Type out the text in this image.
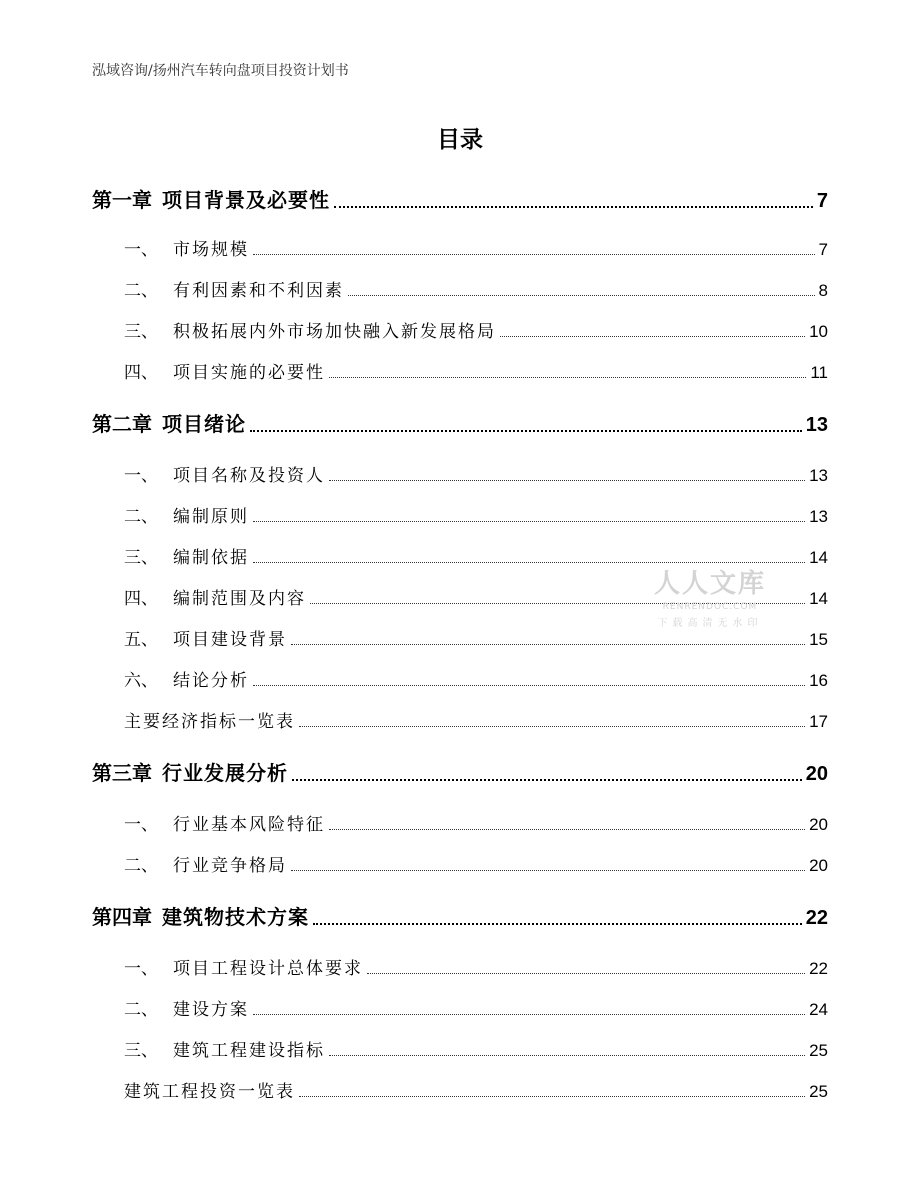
泓域咨询/扬州汽车转向盘项目投资计划书
目录
第一章 项目背景及必要性	7
一、 市场规模	7
二、 有利因素和不利因素	8
三、 积极拓展内外市场加快融入新发展格局	10
四、 项目实施的必要性	11
第二章 项目绪论	13
一、 项目名称及投资人	13
二、 编制原则	13
三、 编制依据	14
四、 编制范围及内容	14
五、 项目建设背景	15
六、 结论分析	16
主要经济指标一览表	17
第三章 行业发展分析	20
一、 行业基本风险特征	20
二、 行业竞争格局	20
第四章 建筑物技术方案	22
一、 项目工程设计总体要求	22
二、 建设方案	24
三、 建筑工程建设指标	25
建筑工程投资一览表	25
人人文库
RENRENDOC.COM
下载高清无水印
